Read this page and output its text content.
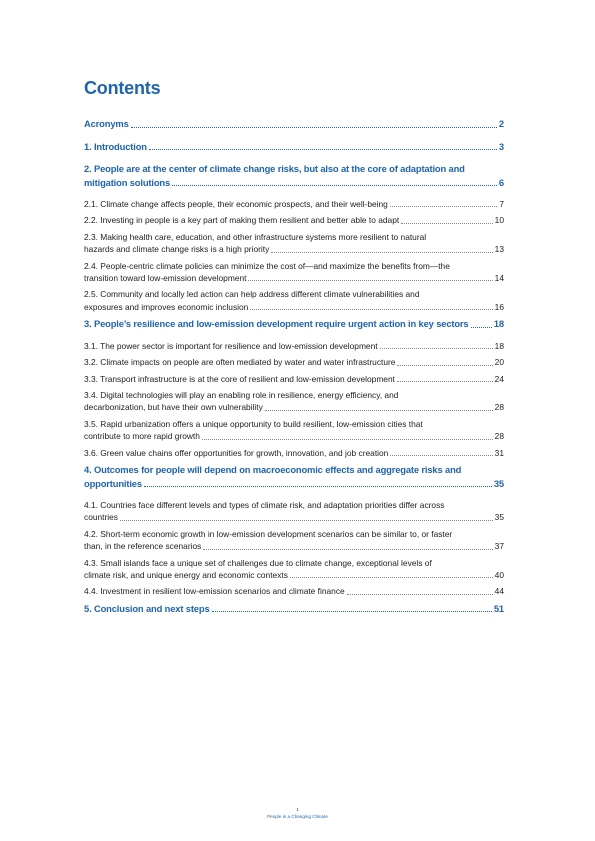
Contents
Acronyms	2
1. Introduction	3
2. People are at the center of climate change risks, but also at the core of adaptation and
mitigation solutions	6
2.1. Climate change affects people, their economic prospects, and their well-being	7
2.2. Investing in people is a key part of making them resilient and better able to adapt	10
2.3. Making health care, education, and other infrastructure systems more resilient to natural
hazards and climate change risks is a high priority	13
2.4. People-centric climate policies can minimize the cost of—and maximize the benefits from—the
transition toward low-emission development	14
2.5. Community and locally led action can help address different climate vulnerabilities and
exposures and improves economic inclusion	16
3. People’s resilience and low-emission development require urgent action in key sectors	18
3.1. The power sector is important for resilience and low-emission development	18
3.2. Climate impacts on people are often mediated by water and water infrastructure	20
3.3. Transport infrastructure is at the core of resilient and low-emission development	24
3.4. Digital technologies will play an enabling role in resilience, energy efficiency, and
decarbonization, but have their own vulnerability	28
3.5. Rapid urbanization offers a unique opportunity to build resilient, low-emission cities that
contribute to more rapid growth	28
3.6. Green value chains offer opportunities for growth, innovation, and job creation	31
4. Outcomes for people will depend on macroeconomic effects and aggregate risks and
opportunities	35
4.1. Countries face different levels and types of climate risk, and adaptation priorities differ across
countries	35
4.2. Short-term economic growth in low-emission development scenarios can be similar to, or faster
than, in the reference scenarios	37
4.3. Small islands face a unique set of challenges due to climate change, exceptional levels of
climate risk, and unique energy and economic contexts	40
4.4. Investment in resilient low-emission scenarios and climate finance	44
5. Conclusion and next steps	51
1
People in a Changing Climate
